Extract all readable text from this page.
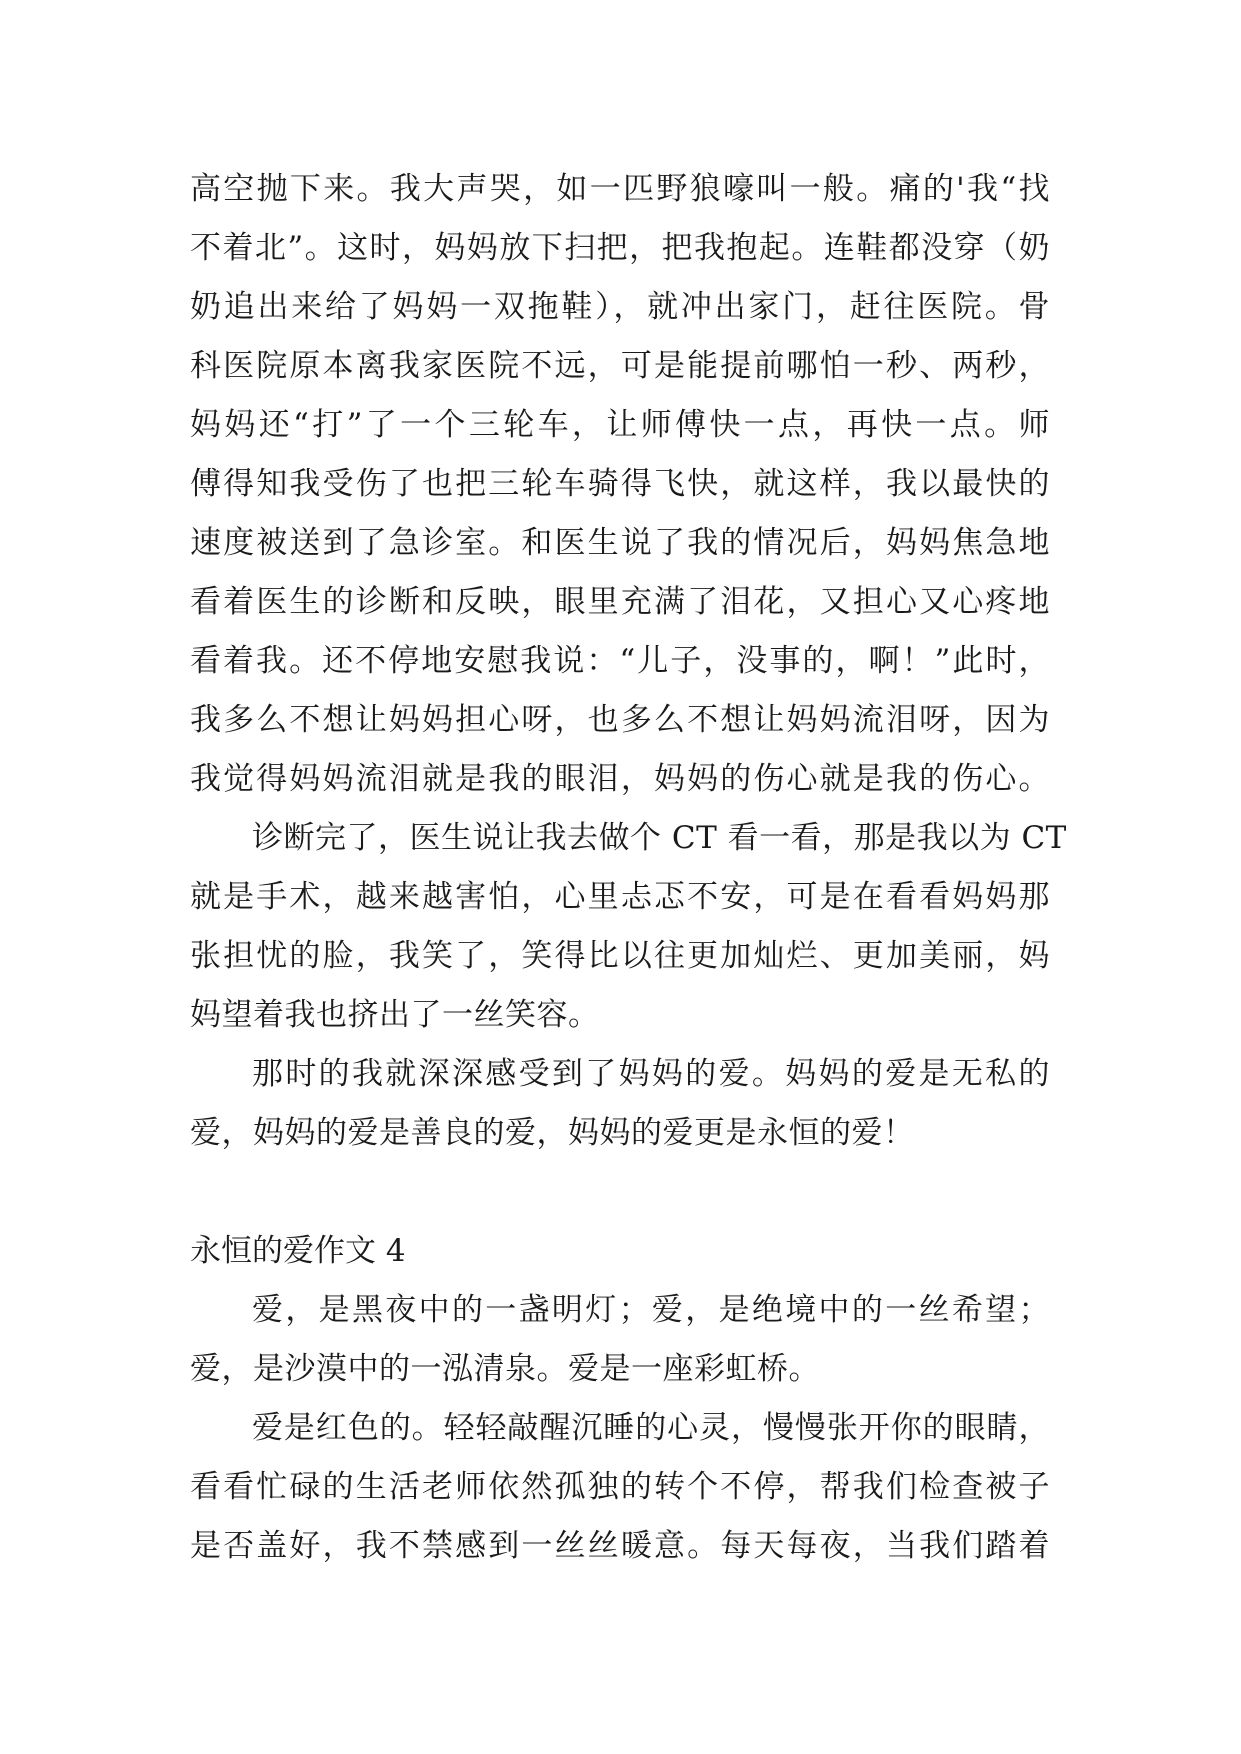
高空抛下来。我大声哭，如一匹野狼嚎叫一般。痛的'我“找
不着北”。这时，妈妈放下扫把，把我抱起。连鞋都没穿（奶
奶追出来给了妈妈一双拖鞋），就冲出家门，赶往医院。骨
科医院原本离我家医院不远，可是能提前哪怕一秒、两秒，
妈妈还“打”了一个三轮车，让师傅快一点，再快一点。师
傅得知我受伤了也把三轮车骑得飞快，就这样，我以最快的
速度被送到了急诊室。和医生说了我的情况后，妈妈焦急地
看着医生的诊断和反映，眼里充满了泪花，又担心又心疼地
看着我。还不停地安慰我说：“儿子，没事的，啊！”此时，
我多么不想让妈妈担心呀，也多么不想让妈妈流泪呀，因为
我觉得妈妈流泪就是我的眼泪，妈妈的伤心就是我的伤心。
诊断完了，医生说让我去做个 CT 看一看，那是我以为 CT
就是手术，越来越害怕，心里忐忑不安，可是在看看妈妈那
张担忧的脸，我笑了，笑得比以往更加灿烂、更加美丽，妈
妈望着我也挤出了一丝笑容。
那时的我就深深感受到了妈妈的爱。妈妈的爱是无私的
爱，妈妈的爱是善良的爱，妈妈的爱更是永恒的爱！
永恒的爱作文 4
爱，是黑夜中的一盏明灯；爱，是绝境中的一丝希望；
爱，是沙漠中的一泓清泉。爱是一座彩虹桥。
爱是红色的。轻轻敲醒沉睡的心灵，慢慢张开你的眼睛，
看看忙碌的生活老师依然孤独的转个不停，帮我们检查被子
是否盖好，我不禁感到一丝丝暖意。每天每夜，当我们踏着
